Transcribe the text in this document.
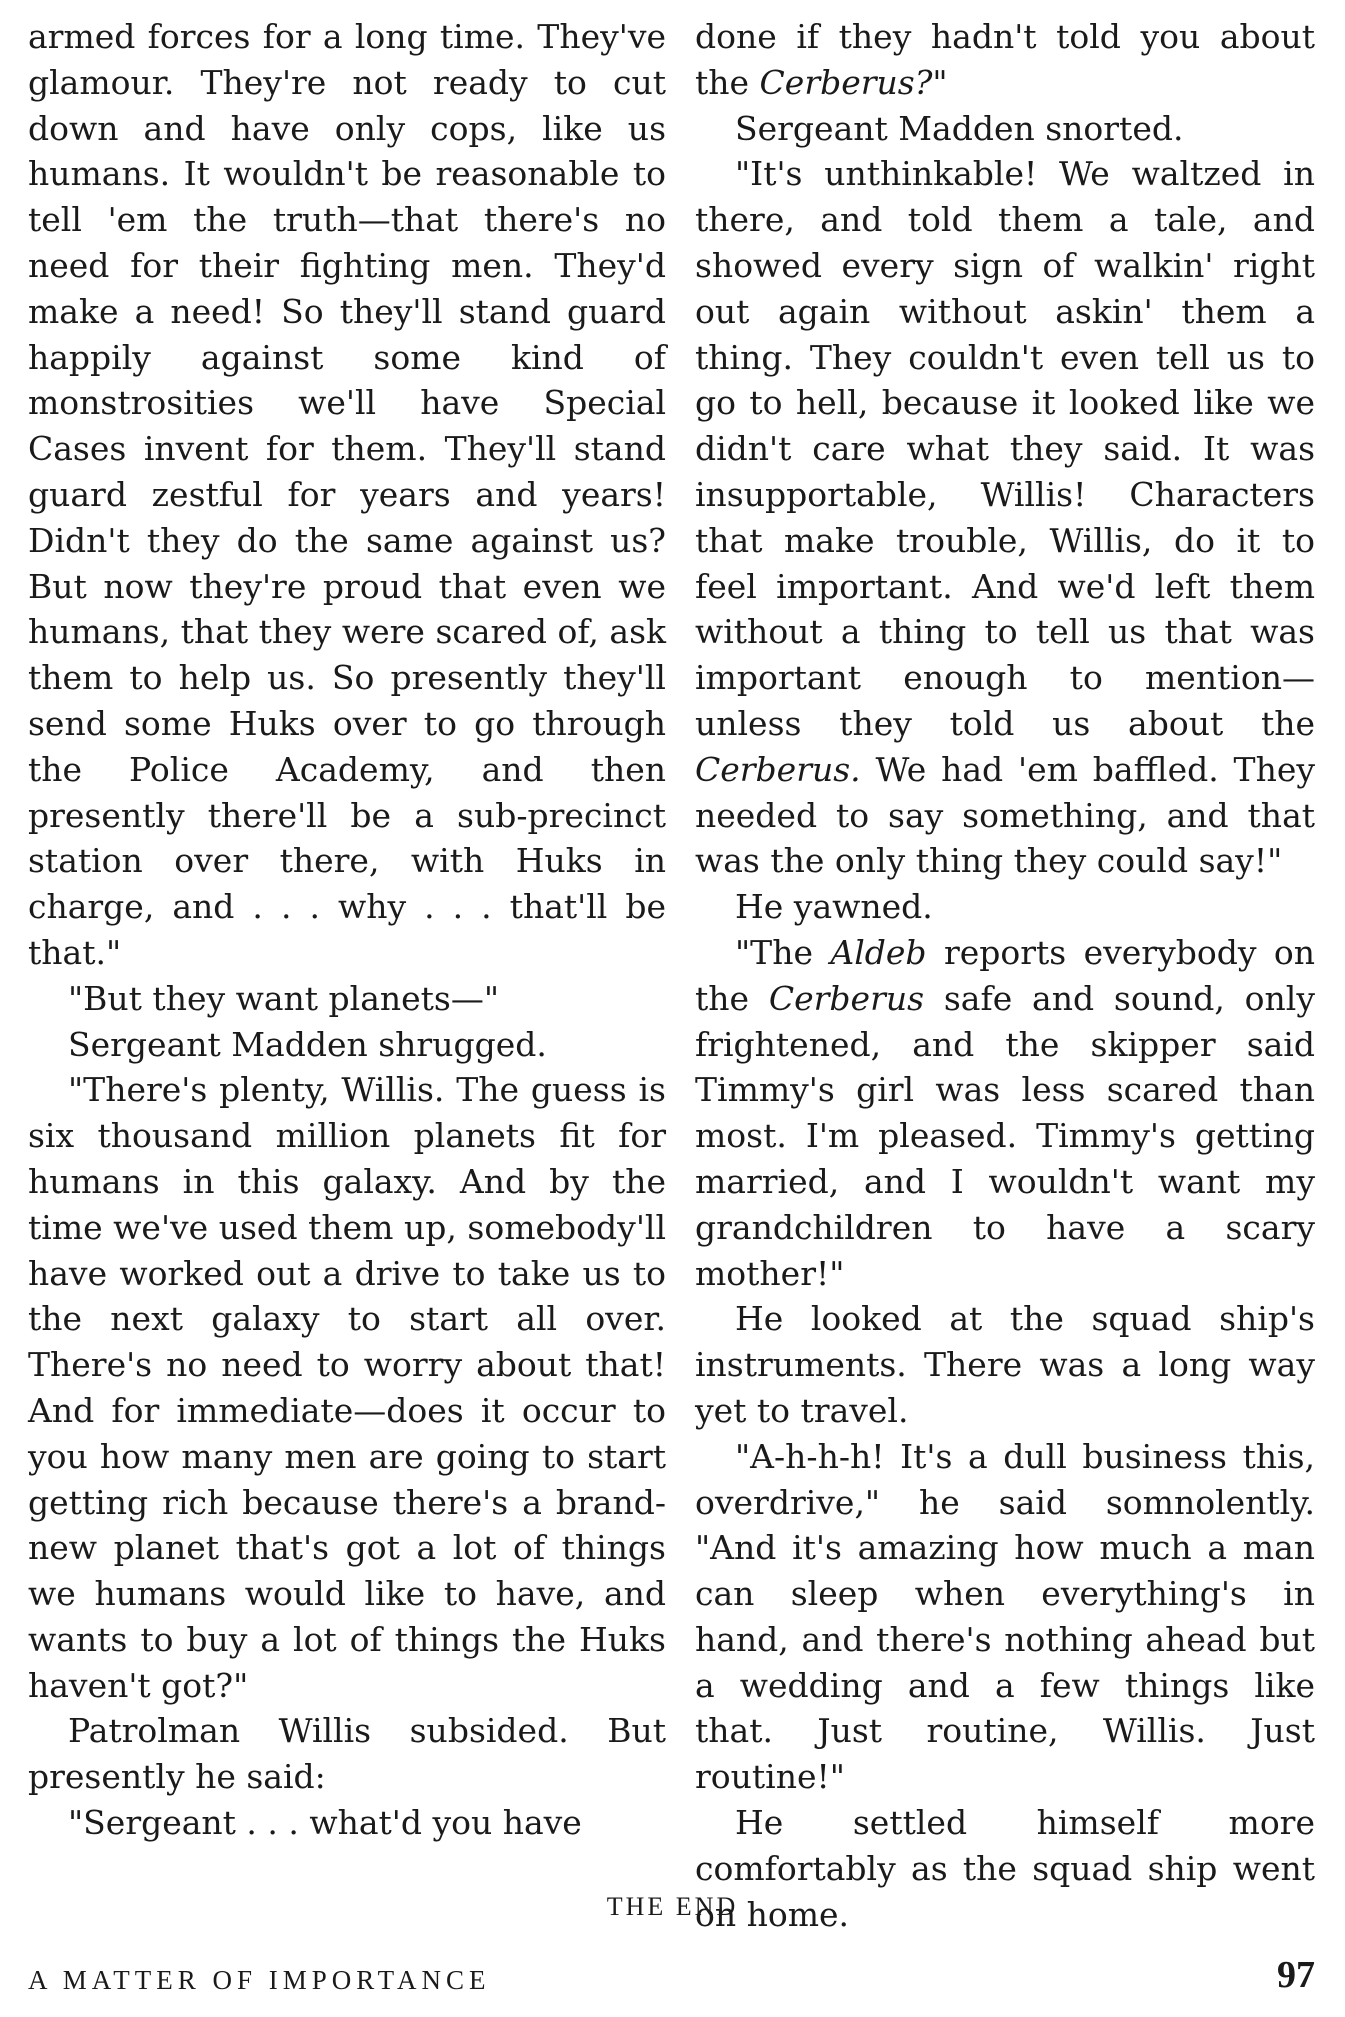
armed forces for a long time. They've glamour. They're not ready to cut down and have only cops, like us humans. It wouldn't be reasonable to tell 'em the truth—that there's no need for their fighting men. They'd make a need! So they'll stand guard happily against some kind of monstrosities we'll have Special Cases invent for them. They'll stand guard zestful for years and years! Didn't they do the same against us? But now they're proud that even we humans, that they were scared of, ask them to help us. So presently they'll send some Huks over to go through the Police Academy, and then presently there'll be a sub-precinct station over there, with Huks in charge, and . . . why . . . that'll be that."

"But they want planets—"

Sergeant Madden shrugged.

"There's plenty, Willis. The guess is six thousand million planets fit for humans in this galaxy. And by the time we've used them up, somebody'll have worked out a drive to take us to the next galaxy to start all over. There's no need to worry about that! And for immediate—does it occur to you how many men are going to start getting rich because there's a brand-new planet that's got a lot of things we humans would like to have, and wants to buy a lot of things the Huks haven't got?"

Patrolman Willis subsided. But presently he said:

"Sergeant . . . what'd you have

done if they hadn't told you about the Cerberus?"

Sergeant Madden snorted.

"It's unthinkable! We waltzed in there, and told them a tale, and showed every sign of walkin' right out again without askin' them a thing. They couldn't even tell us to go to hell, because it looked like we didn't care what they said. It was insupportable, Willis! Characters that make trouble, Willis, do it to feel important. And we'd left them without a thing to tell us that was important enough to mention—unless they told us about the Cerberus. We had 'em baffled. They needed to say something, and that was the only thing they could say!"

He yawned.

"The Aldeb reports everybody on the Cerberus safe and sound, only frightened, and the skipper said Timmy's girl was less scared than most. I'm pleased. Timmy's getting married, and I wouldn't want my grandchildren to have a scary mother!"

He looked at the squad ship's instruments. There was a long way yet to travel.

"A-h-h-h! It's a dull business this, overdrive," he said somnolently. "And it's amazing how much a man can sleep when everything's in hand, and there's nothing ahead but a wedding and a few things like that. Just routine, Willis. Just routine!"

He settled himself more comfortably as the squad ship went on home.

THE END
A MATTER OF IMPORTANCE	97
